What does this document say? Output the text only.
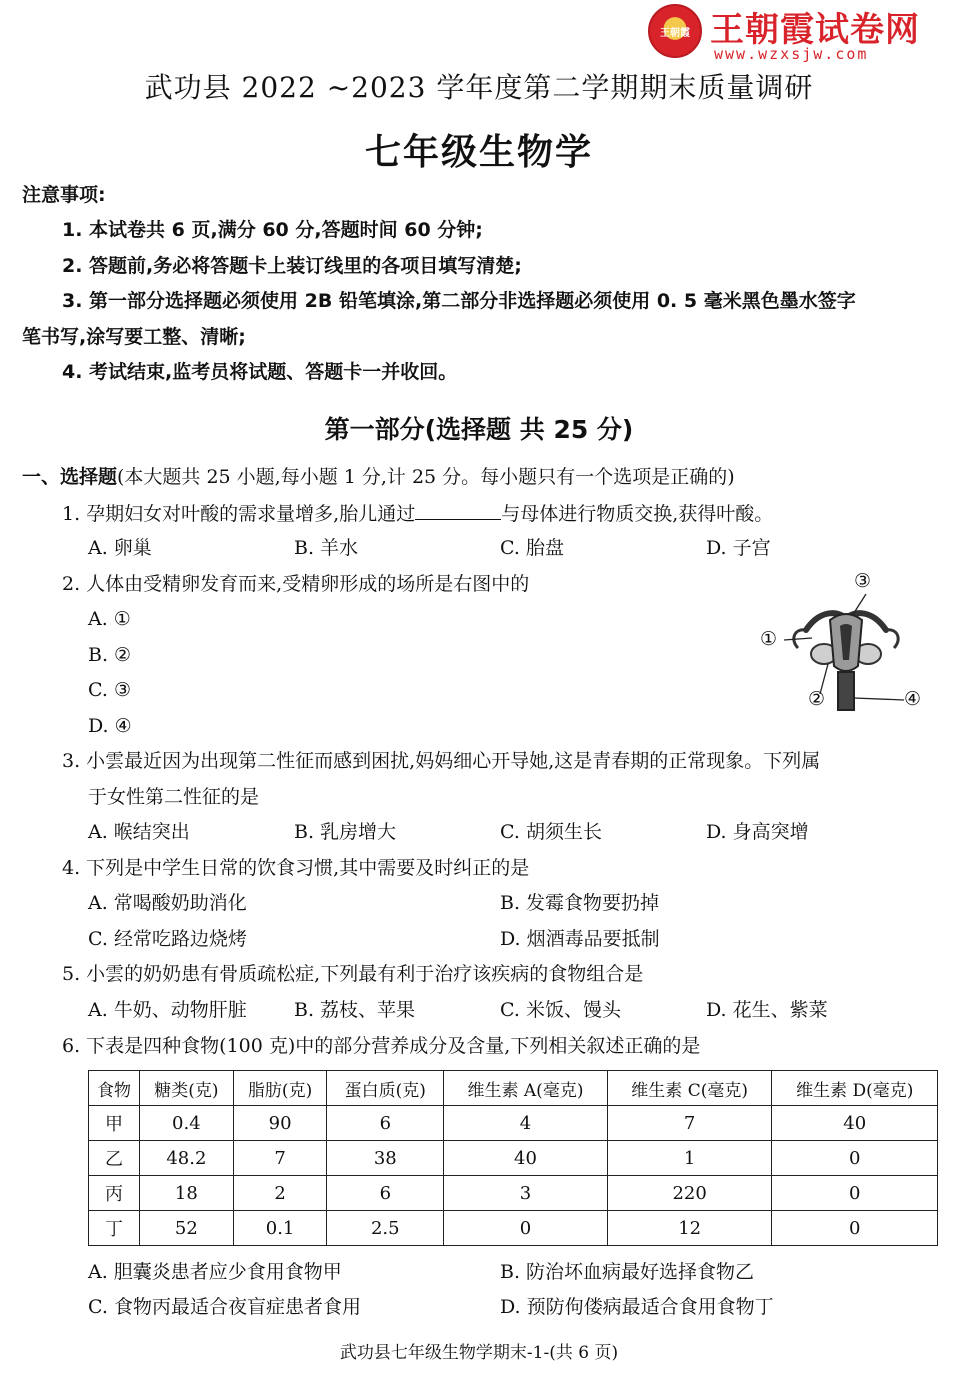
王朝霞 王朝霞试卷网
www.wzxsjw.com
武功县 2022 ~2023 学年度第二学期期末质量调研
七年级生物学
注意事项:
1. 本试卷共 6 页,满分 60 分,答题时间 60 分钟;
2. 答题前,务必将答题卡上装订线里的各项目填写清楚;
3. 第一部分选择题必须使用 2B 铅笔填涂,第二部分非选择题必须使用 0. 5 毫米黑色墨水签字
笔书写,涂写要工整、清晰;
4. 考试结束,监考员将试题、答题卡一并收回。
第一部分(选择题 共 25 分)
一、选择题(本大题共 25 小题,每小题 1 分,计 25 分。每小题只有一个选项是正确的)
1. 孕期妇女对叶酸的需求量增多,胎儿通过	与母体进行物质交换,获得叶酸。
A. 卵巢	B. 羊水	C. 胎盘	D. 子宫
2. 人体由受精卵发育而来,受精卵形成的场所是右图中的
A. ①
B. ②
C. ③
D. ④
①
②
③
④
3. 小雲最近因为出现第二性征而感到困扰,妈妈细心开导她,这是青春期的正常现象。下列属
于女性第二性征的是
A. 喉结突出	B. 乳房增大	C. 胡须生长	D. 身高突增
4. 下列是中学生日常的饮食习惯,其中需要及时纠正的是
A. 常喝酸奶助消化	B. 发霉食物要扔掉
C. 经常吃路边烧烤	D. 烟酒毒品要抵制
5. 小雲的奶奶患有骨质疏松症,下列最有利于治疗该疾病的食物组合是
A. 牛奶、动物肝脏 B. 荔枝、苹果	C. 米饭、馒头	D. 花生、紫菜
6. 下表是四种食物(100 克)中的部分营养成分及含量,下列相关叙述正确的是
食物	糖类(克)	脂肪(克)	蛋白质(克)	维生素 A(毫克)	维生素 C(毫克)	维生素 D(毫克)
甲	0.4	90	6	4	7	40
乙	48.2	7	38	40	1	0
丙	18	2	6	3	220	0
丁	52	0.1	2.5	0	12	0
A. 胆囊炎患者应少食用食物甲	B. 防治坏血病最好选择食物乙
C. 食物丙最适合夜盲症患者食用	D. 预防佝偻病最适合食用食物丁
武功县七年级生物学期末-1-(共 6 页)
